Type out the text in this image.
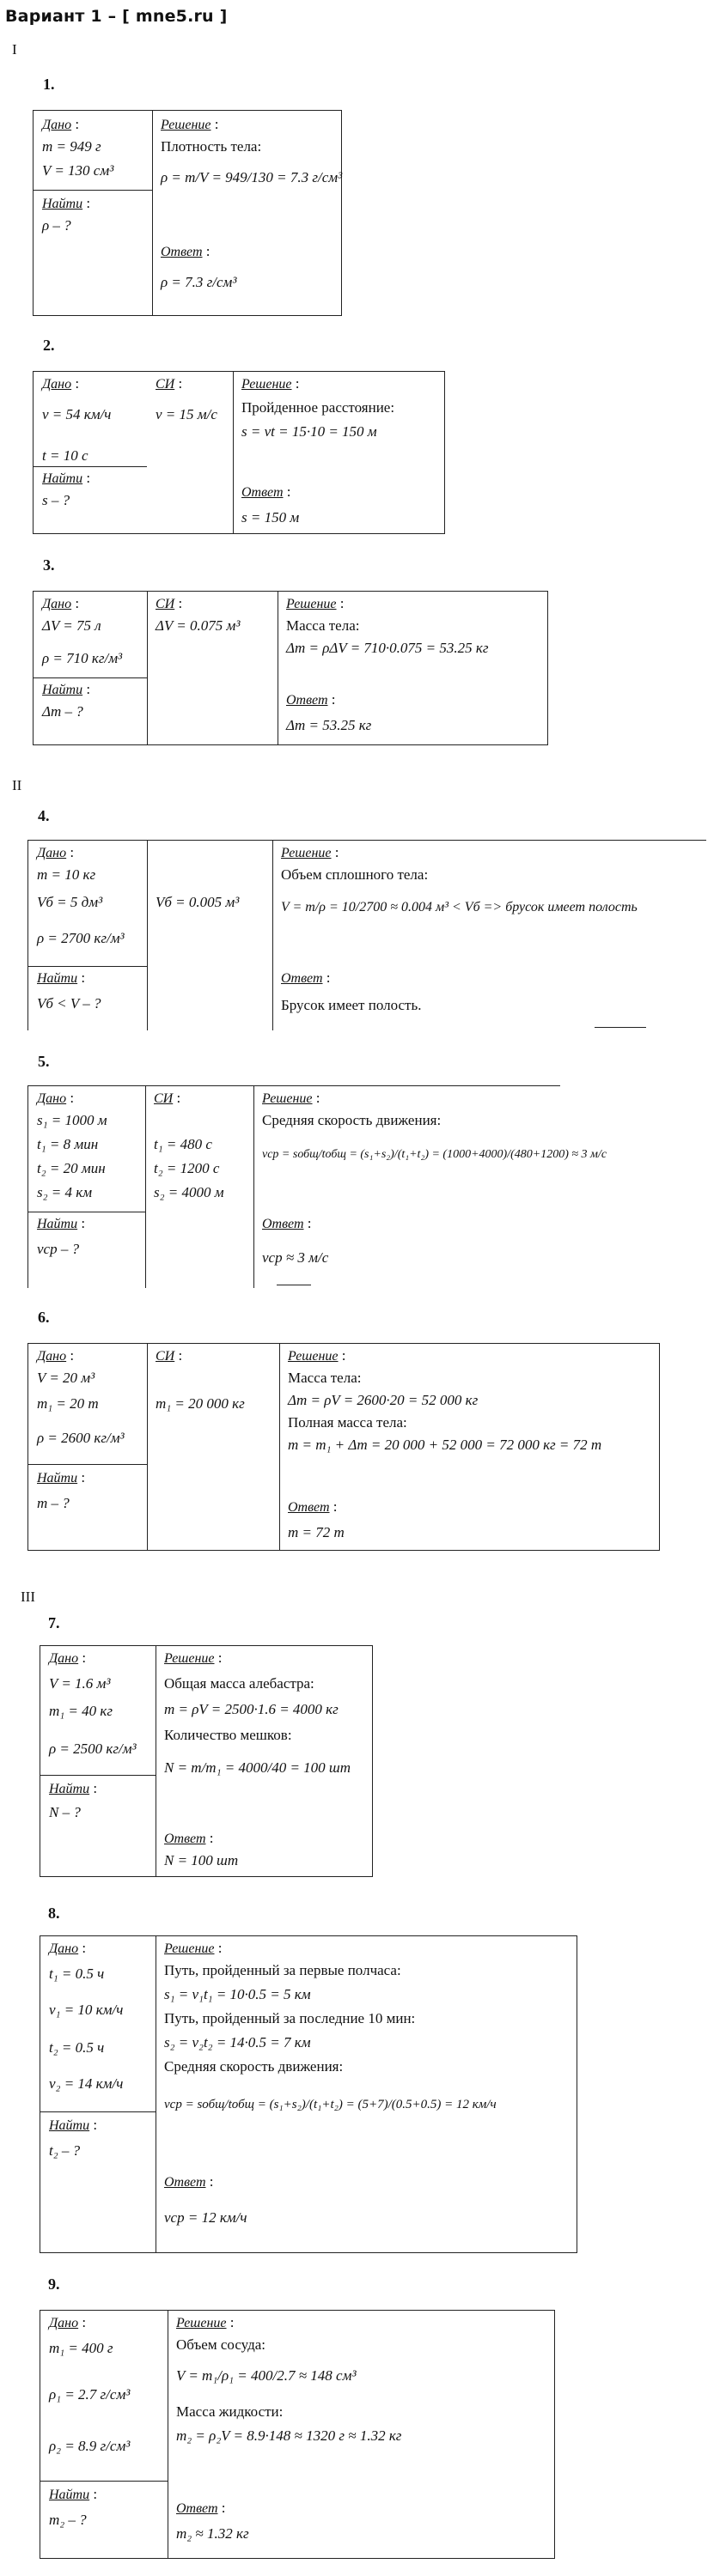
Вариант 1 – [ mne5.ru ]
I
II
III
1.
Дано :
m = 949 г
V = 130 см³
Найти :
ρ – ?
Решение :
Плотность тела:
ρ = m/V = 949/130 = 7.3 г/см³
Ответ :
ρ = 7.3 г/см³
2.
Дано :
v = 54 км/ч
t = 10 с
Найти :
s – ?
СИ :
v = 15 м/с
Решение :
Пройденное расстояние:
s = vt = 15·10 = 150 м
Ответ :
s = 150 м
3.
Дано :
ΔV = 75 л
ρ = 710 кг/м³
Найти :
Δm – ?
СИ :
ΔV = 0.075 м³
Решение :
Масса тела:
Δm = ρΔV = 710·0.075 = 53.25 кг
Ответ :
Δm = 53.25 кг
4.
Дано :
m = 10 кг
Vб = 5 дм³
ρ = 2700 кг/м³
Найти :
Vб < V – ?
Vб = 0.005 м³
Решение :
Объем сплошного тела:
V = m/ρ = 10/2700 ≈ 0.004 м³ < Vб => брусок имеет полость
Ответ :
Брусок имеет полость.
5.
Дано :
s₁ = 1000 м
t₁ = 8 мин
t₂ = 20 мин
s₂ = 4 км
Найти :
vср – ?
СИ :
t₁ = 480 с
t₂ = 1200 с
s₂ = 4000 м
Решение :
Средняя скорость движения:
vср = sобщ/tобщ = (s₁+s₂)/(t₁+t₂) = (1000+4000)/(480+1200) ≈ 3 м/с
Ответ :
vср ≈ 3 м/с
6.
Дано :
V = 20 м³
m₁ = 20 т
ρ = 2600 кг/м³
Найти :
m – ?
СИ :
m₁ = 20 000 кг
Решение :
Масса тела:
Δm = ρV = 2600·20 = 52 000 кг
Полная масса тела:
m = m₁ + Δm = 20 000 + 52 000 = 72 000 кг = 72 т
Ответ :
m = 72 т
7.
Дано :
V = 1.6 м³
m₁ = 40 кг
ρ = 2500 кг/м³
Найти :
N – ?
Решение :
Общая масса алебастра:
m = ρV = 2500·1.6 = 4000 кг
Количество мешков:
N = m/m₁ = 4000/40 = 100 шт
Ответ :
N = 100 шт
8.
Дано :
t₁ = 0.5 ч
v₁ = 10 км/ч
t₂ = 0.5 ч
v₂ = 14 км/ч
Найти :
t₂ – ?
Решение :
Путь, пройденный за первые полчаса:
s₁ = v₁t₁ = 10·0.5 = 5 км
Путь, пройденный за последние 10 мин:
s₂ = v₂t₂ = 14·0.5 = 7 км
Средняя скорость движения:
vср = sобщ/tобщ = (s₁+s₂)/(t₁+t₂) = (5+7)/(0.5+0.5) = 12 км/ч
Ответ :
vср = 12 км/ч
9.
Дано :
m₁ = 400 г
ρ₁ = 2.7 г/см³
ρ₂ = 8.9 г/см³
Найти :
m₂ – ?
Решение :
Объем сосуда:
V = m₁/ρ₁ = 400/2.7 ≈ 148 см³
Масса жидкости:
m₂ = ρ₂V = 8.9·148 ≈ 1320 г ≈ 1.32 кг
Ответ :
m₂ ≈ 1.32 кг
